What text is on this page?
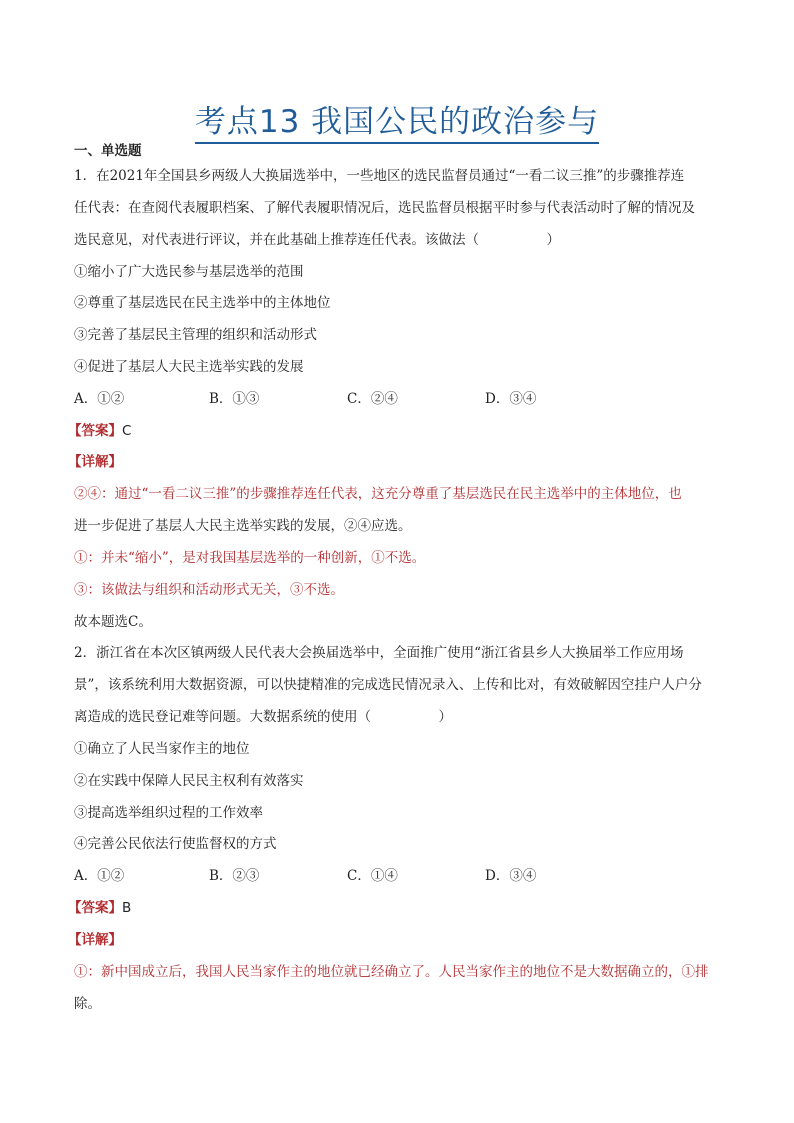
考点13 我国公民的政治参与
一、单选题
1．在2021年全国县乡两级人大换届选举中，一些地区的选民监督员通过“一看二议三推”的步骤推荐连
任代表：在查阅代表履职档案、了解代表履职情况后，选民监督员根据平时参与代表活动时了解的情况及
选民意见，对代表进行评议，并在此基础上推荐连任代表。该做法（　　　　　）
①缩小了广大选民参与基层选举的范围
②尊重了基层选民在民主选举中的主体地位
③完善了基层民主管理的组织和活动形式
④促进了基层人大民主选举实践的发展
A．①②	B．①③	C．②④	D．③④
【答案】C
【详解】
②④：通过“一看二议三推”的步骤推荐连任代表，这充分尊重了基层选民在民主选举中的主体地位，也
进一步促进了基层人大民主选举实践的发展，②④应选。
①：并未“缩小”，是对我国基层选举的一种创新，①不选。
③：该做法与组织和活动形式无关，③不选。
故本题选C。
2．浙江省在本次区镇两级人民代表大会换届选举中，全面推广使用“浙江省县乡人大换届举工作应用场
景”，该系统利用大数据资源，可以快捷精准的完成选民情况录入、上传和比对，有效破解因空挂户人户分
离造成的选民登记难等问题。大数据系统的使用（　　　　　）
①确立了人民当家作主的地位
②在实践中保障人民民主权利有效落实
③提高选举组织过程的工作效率
④完善公民依法行使监督权的方式
A．①②	B．②③	C．①④	D．③④
【答案】B
【详解】
①：新中国成立后，我国人民当家作主的地位就已经确立了。人民当家作主的地位不是大数据确立的，①排
除。
